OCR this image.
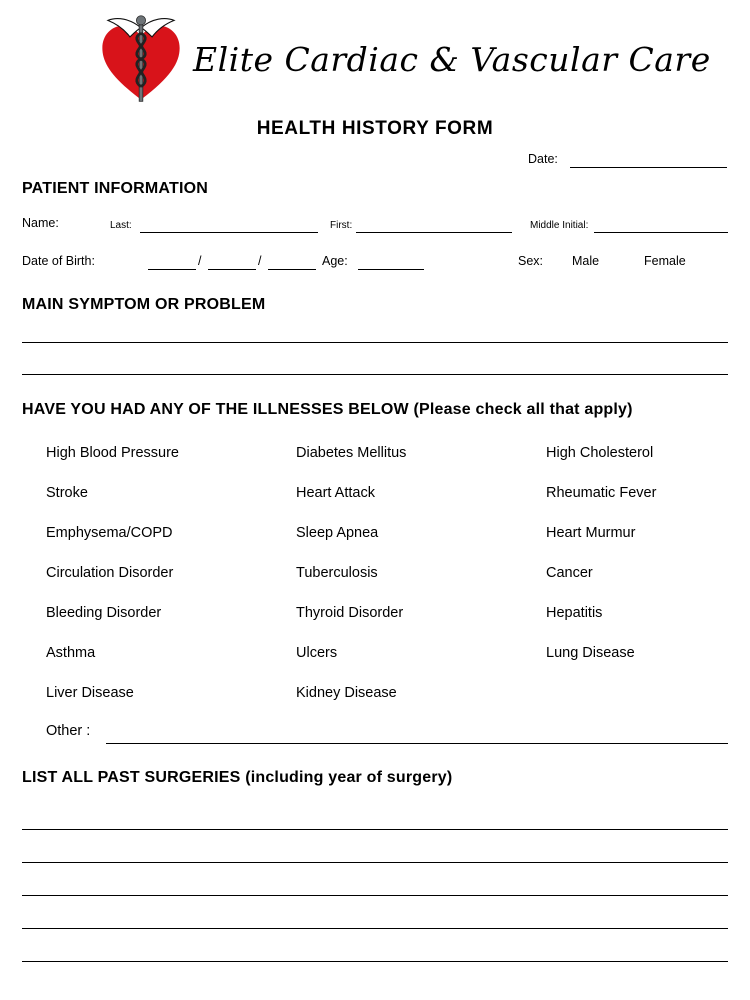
Elite Cardiac & Vascular Care
HEALTH HISTORY FORM
Date:
PATIENT INFORMATION
Name:	Last:	First:	Middle Initial:
Date of Birth:	/	/	Age:	Sex: Male	Female
MAIN SYMPTOM OR PROBLEM
HAVE YOU HAD ANY OF THE ILLNESSES BELOW (Please check all that apply)
High Blood Pressure	Diabetes Mellitus	High Cholesterol
Stroke	Heart Attack	Rheumatic Fever
Emphysema/COPD	Sleep Apnea	Heart Murmur
Circulation Disorder	Tuberculosis	Cancer
Bleeding Disorder	Thyroid Disorder	Hepatitis
Asthma	Ulcers	Lung Disease
Liver Disease	Kidney Disease
Other :
LIST ALL PAST SURGERIES (including year of surgery)
